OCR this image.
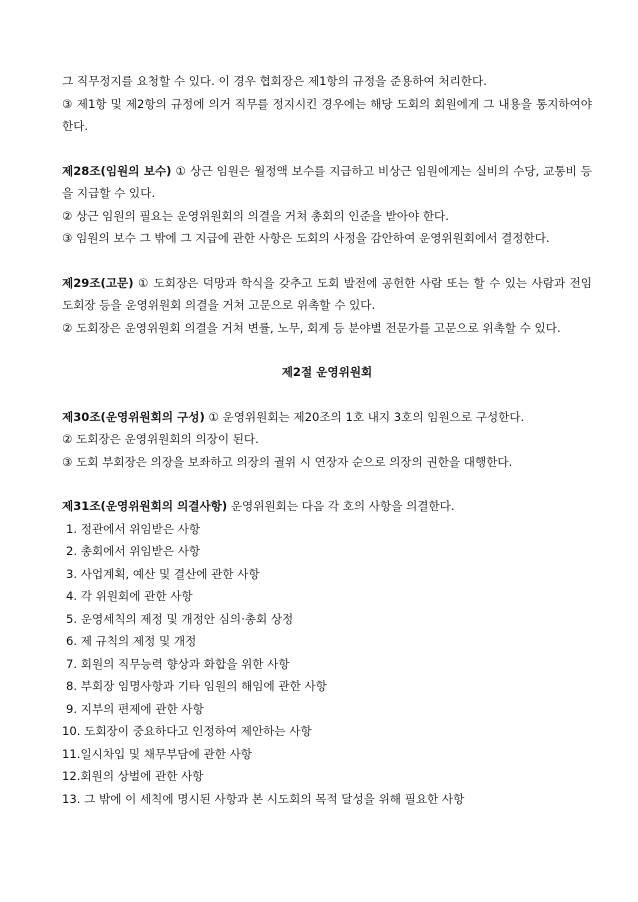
그 직무정지를 요청할 수 있다. 이 경우 협회장은 제1항의 규정을 준용하여 처리한다.

③ 제1항 및 제2항의 규정에 의거 직무를 정지시킨 경우에는 해당 도회의 회원에게 그 내용을 통지하여야 한다.

제28조(임원의 보수) ① 상근 임원은 월정액 보수를 지급하고 비상근 임원에게는 실비의 수당, 교통비 등을 지급할 수 있다.

② 상근 임원의 필요는 운영위원회의 의결을 거쳐 총회의 인준을 받아야 한다.

③ 임원의 보수 그 밖에 그 지급에 관한 사항은 도회의 사정을 감안하여 운영위원회에서 결정한다.

제29조(고문) ① 도회장은 덕망과 학식을 갖추고 도회 발전에 공헌한 사람 또는 할 수 있는 사람과 전임 도회장 등을 운영위원회 의결을 거쳐 고문으로 위촉할 수 있다.

② 도회장은 운영위원회 의결을 거쳐 변률, 노무, 회계 등 분야별 전문가를 고문으로 위촉할 수 있다.

제2절 운영위원회

제30조(운영위원회의 구성) ① 운영위원회는 제20조의 1호 내지 3호의 임원으로 구성한다.

② 도회장은 운영위원회의 의장이 된다.

③ 도회 부회장은 의장을 보좌하고 의장의 궐위 시 연장자 순으로 의장의 권한을 대행한다.

제31조(운영위원회의 의결사항) 운영위원회는 다음 각 호의 사항을 의결한다.

1. 정관에서 위임받은 사항
2. 총회에서 위임받은 사항
3. 사업계획, 예산 및 결산에 관한 사항
4. 각 위원회에 관한 사항
5. 운영세칙의 제정 및 개정안 심의·총회 상정
6. 제 규칙의 제정 및 개정
7. 회원의 직무능력 향상과 화합을 위한 사항
8. 부회장 임명사항과 기타 임원의 해임에 관한 사항
9. 지부의 편제에 관한 사항
10. 도회장이 중요하다고 인정하여 제안하는 사항
11.일시차입 및 채무부담에 관한 사항
12.회원의 상벌에 관한 사항
13. 그 밖에 이 세칙에 명시된 사항과 본 시도회의 목적 달성을 위해 필요한 사항
